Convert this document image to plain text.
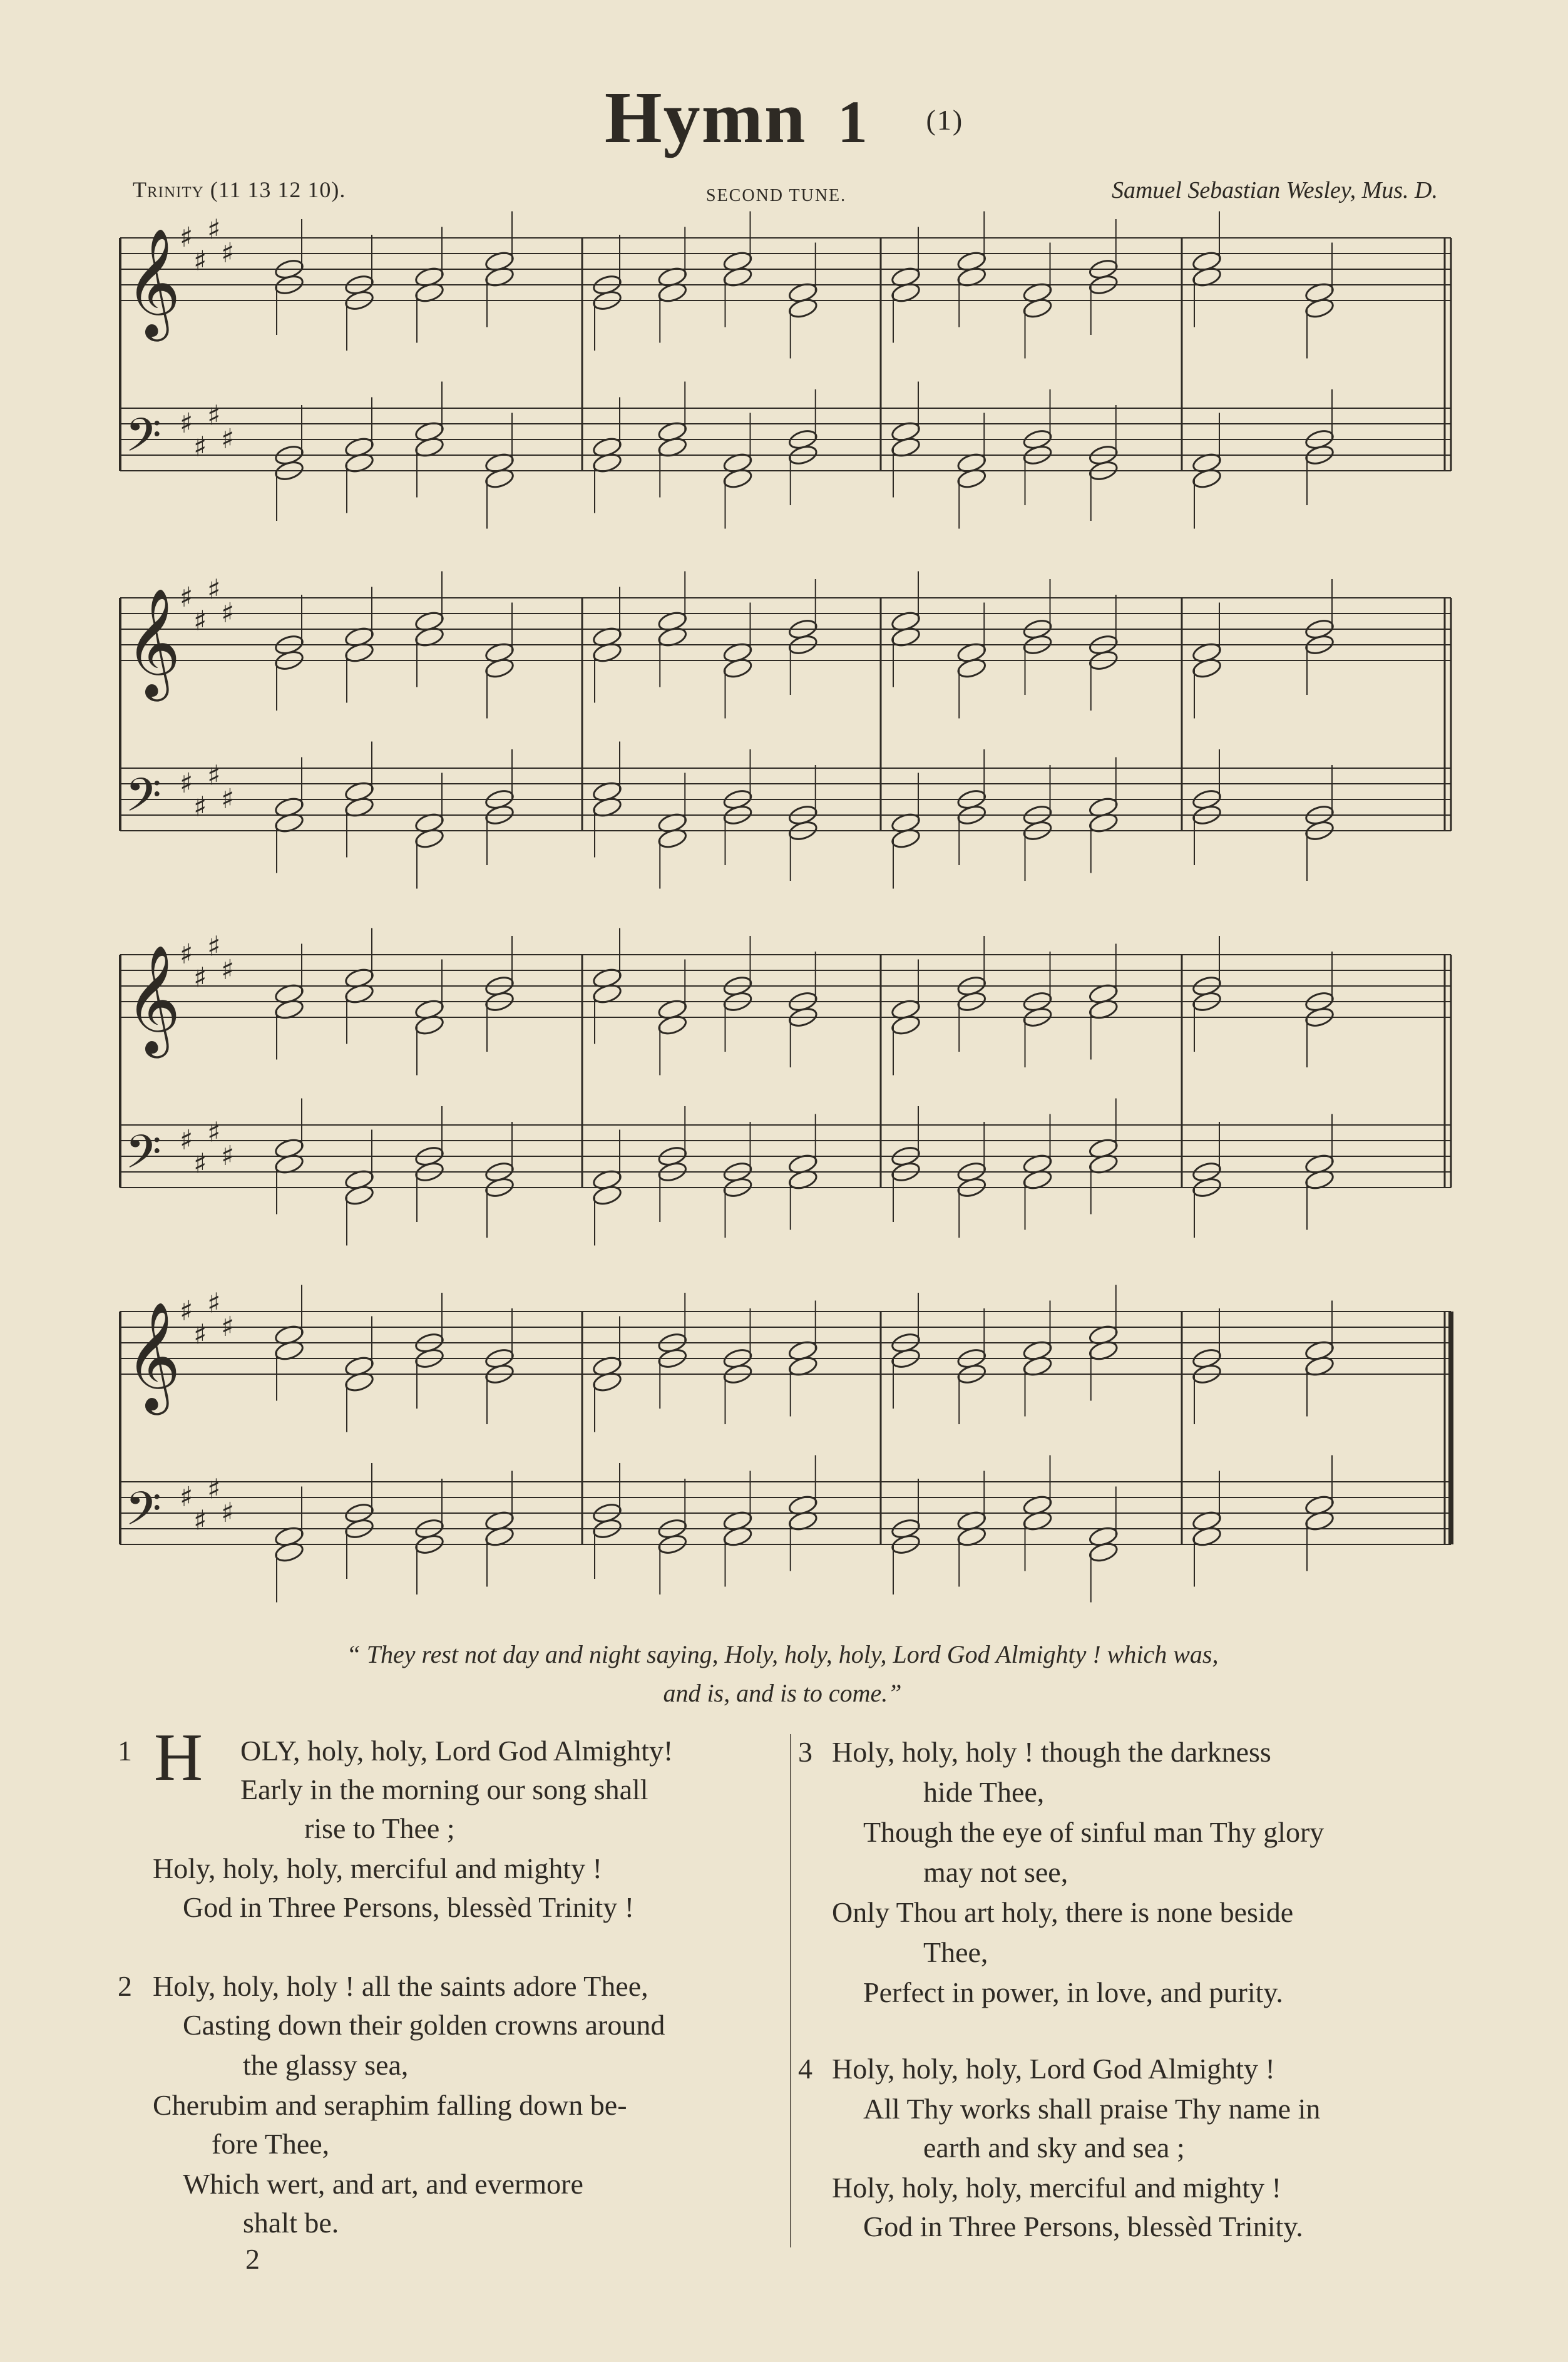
Hymn 1 (1)
Trinity (11 13 12 10).	SECOND TUNE.	Samuel Sebastian Wesley, Mus. D.
♯
♯
♯
♯
𝄞
♯
♯
♯
♯
𝄢
♯
♯
♯
♯
𝄞
♯
♯
♯
♯
𝄢
♯
♯
♯
♯
𝄞
♯
♯
♯
♯
𝄢
♯
♯
♯
♯
𝄞
♯
♯
♯
♯
𝄢
“ They rest not day and night saying, Holy, holy, holy, Lord God Almighty ! which was,
and is, and is to come.”
1 H OLY, holy, holy, Lord God Almighty!
Early in the morning our song shall
rise to Thee ;
Holy, holy, holy, merciful and mighty !
God in Three Persons, blessèd Trinity !
2 Holy, holy, holy ! all the saints adore Thee,
Casting down their golden crowns around
the glassy sea,
Cherubim and seraphim falling down be-
fore Thee,
Which wert, and art, and evermore
shalt be.
3 Holy, holy, holy ! though the darkness
hide Thee,
Though the eye of sinful man Thy glory
may not see,
Only Thou art holy, there is none beside
Thee,
Perfect in power, in love, and purity.
4 Holy, holy, holy, Lord God Almighty !
All Thy works shall praise Thy name in
earth and sky and sea ;
Holy, holy, holy, merciful and mighty !
God in Three Persons, blessèd Trinity.
2
